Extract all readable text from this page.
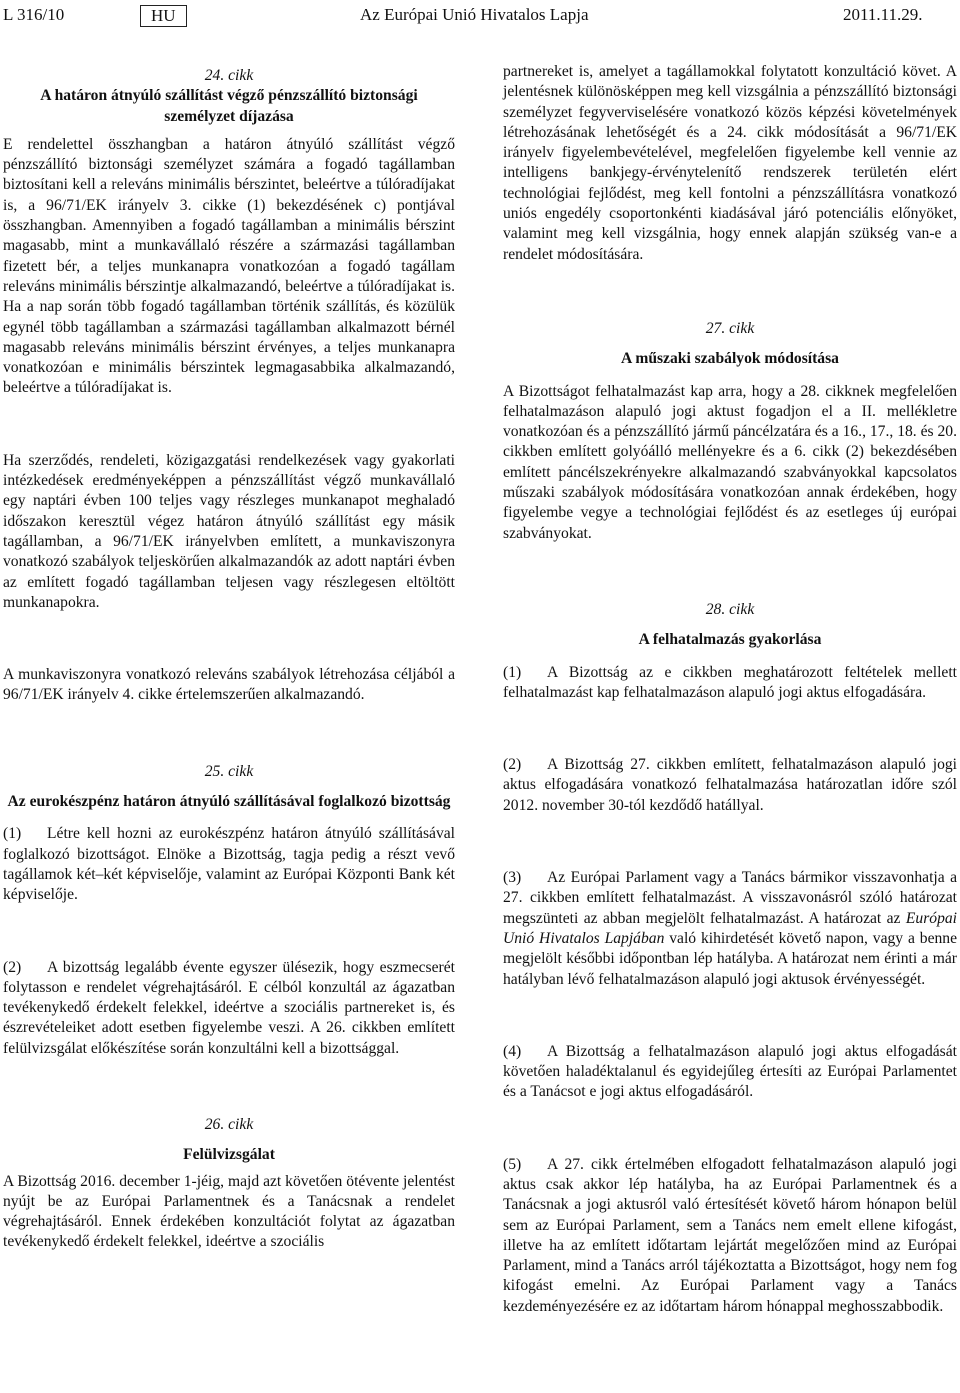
L 316/10	HU	Az Európai Unió Hivatalos Lapja	2011.11.29.

24. cikk

A határon átnyúló szállítást végző pénzszállító biztonsági személyzet díjazása

E rendelettel összhangban a határon átnyúló szállítást végző pénzszállító biztonsági személyzet számára a fogadó tagállamban biztosítani kell a releváns minimális bérszintet, beleértve a túlóradíjakat is, a 96/71/EK irányelv 3. cikke (1) bekezdésének c) pontjával összhangban. Amennyiben a fogadó tagállamban a minimális bérszint magasabb, mint a munkavállaló részére a származási tagállamban fizetett bér, a teljes munkanapra vonatkozóan a fogadó tagállam releváns minimális bérszintje alkalmazandó, beleértve a túlóradíjakat is. Ha a nap során több fogadó tagállamban történik szállítás, és közülük egynél több tagállamban a származási tagállamban alkalmazott bérnél magasabb releváns minimális bérszint érvényes, a teljes munkanapra vonatkozóan e minimális bérszintek legmagasabbika alkalmazandó, beleértve a túlóradíjakat is.

Ha szerződés, rendeleti, közigazgatási rendelkezések vagy gyakorlati intézkedések eredményeképpen a pénzszállítást végző munkavállaló egy naptári évben 100 teljes vagy részleges munkanapot meghaladó időszakon keresztül végez határon átnyúló szállítást egy másik tagállamban, a 96/71/EK irányelvben említett, a munkaviszonyra vonatkozó szabályok teljeskörűen alkalmazandók az adott naptári évben az említett fogadó tagállamban teljesen vagy részlegesen eltöltött munkanapokra.

A munkaviszonyra vonatkozó releváns szabályok létrehozása céljából a 96/71/EK irányelv 4. cikke értelemszerűen alkalmazandó.

25. cikk

Az eurokészpénz határon átnyúló szállításával foglalkozó bizottság

(1) Létre kell hozni az eurokészpénz határon átnyúló szállításával foglalkozó bizottságot. Elnöke a Bizottság, tagja pedig a részt vevő tagállamok két–két képviselője, valamint az Európai Központi Bank két képviselője.

(2) A bizottság legalább évente egyszer ülésezik, hogy eszmecserét folytasson e rendelet végrehajtásáról. E célból konzultál az ágazatban tevékenykedő érdekelt felekkel, ideértve a szociális partnereket is, és észrevételeiket adott esetben figyelembe veszi. A 26. cikkben említett felülvizsgálat előkészítése során konzultálni kell a bizottsággal.

26. cikk

Felülvizsgálat

A Bizottság 2016. december 1-jéig, majd azt követően ötévente jelentést nyújt be az Európai Parlamentnek és a Tanácsnak a rendelet végrehajtásáról. Ennek érdekében konzultációt folytat az ágazatban tevékenykedő érdekelt felekkel, ideértve a szociális

partnereket is, amelyet a tagállamokkal folytatott konzultáció követ. A jelentésnek különösképpen meg kell vizsgálnia a pénzszállító biztonsági személyzet fegyverviselésére vonatkozó közös képzési követelmények létrehozásának lehetőségét és a 24. cikk módosítását a 96/71/EK irányelv figyelembevételével, megfelelően figyelembe kell vennie az intelligens bankjegy-érvénytelenítő rendszerek területén elért technológiai fejlődést, meg kell fontolni a pénzszállításra vonatkozó uniós engedély csoportonkénti kiadásával járó potenciális előnyöket, valamint meg kell vizsgálnia, hogy ennek alapján szükség van-e a rendelet módosítására.

27. cikk

A műszaki szabályok módosítása

A Bizottságot felhatalmazást kap arra, hogy a 28. cikknek megfelelően felhatalmazáson alapuló jogi aktust fogadjon el a II. mellékletre vonatkozóan és a pénzszállító jármű páncélzatára és a 16., 17., 18. és 20. cikkben említett golyóálló mellényekre és a 6. cikk (2) bekezdésében említett páncélszekrényekre alkalmazandó szabványokkal kapcsolatos műszaki szabályok módosítására vonatkozóan annak érdekében, hogy figyelembe vegye a technológiai fejlődést és az esetleges új európai szabványokat.

28. cikk

A felhatalmazás gyakorlása

(1) A Bizottság az e cikkben meghatározott feltételek mellett felhatalmazást kap felhatalmazáson alapuló jogi aktus elfogadására.

(2) A Bizottság 27. cikkben említett, felhatalmazáson alapuló jogi aktus elfogadására vonatkozó felhatalmazása határozatlan időre szól 2012. november 30-tól kezdődő hatállyal.

(3) Az Európai Parlament vagy a Tanács bármikor visszavonhatja a 27. cikkben említett felhatalmazást. A visszavonásról szóló határozat megszünteti az abban megjelölt felhatalmazást. A határozat az Európai Unió Hivatalos Lapjában való kihirdetését követő napon, vagy a benne megjelölt későbbi időpontban lép hatályba. A határozat nem érinti a már hatályban lévő felhatalmazáson alapuló jogi aktusok érvényességét.

(4) A Bizottság a felhatalmazáson alapuló jogi aktus elfogadását követően haladéktalanul és egyidejűleg értesíti az Európai Parlamentet és a Tanácsot e jogi aktus elfogadásáról.

(5) A 27. cikk értelmében elfogadott felhatalmazáson alapuló jogi aktus csak akkor lép hatályba, ha az Európai Parlamentnek és a Tanácsnak a jogi aktusról való értesítését követő három hónapon belül sem az Európai Parlament, sem a Tanács nem emelt ellene kifogást, illetve ha az említett időtartam lejártát megelőzően mind az Európai Parlament, mind a Tanács arról tájékoztatta a Bizottságot, hogy nem fog kifogást emelni. Az Európai Parlament vagy a Tanács kezdeményezésére ez az időtartam három hónappal meghosszabbodik.
